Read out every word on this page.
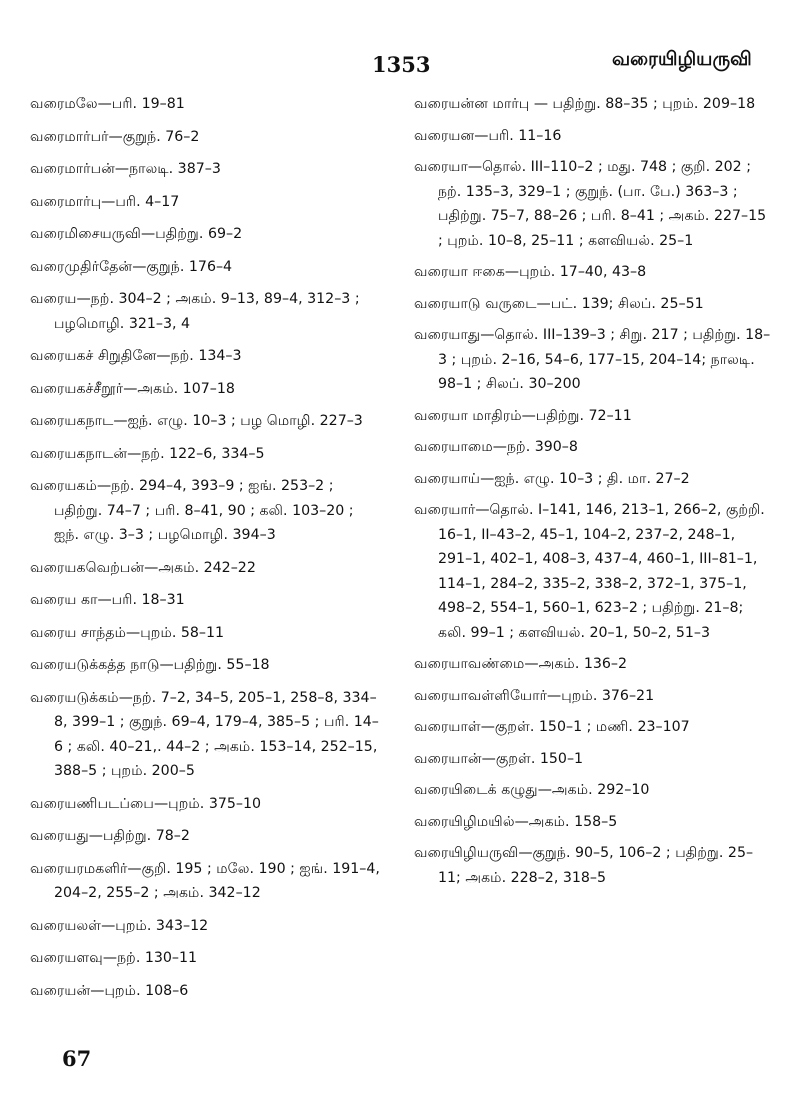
1353	வரையிழியருவி
வரைமலே—பரி. 19–81
வரைமார்பர்—குறுந். 76–2
வரைமார்பன்—நாலடி. 387–3
வரைமார்பு—பரி. 4–17
வரைமிசையருவி—பதிற்று. 69–2
வரைமுதிர்தேன்—குறுந். 176–4
வரைய—நற். 304–2 ; அகம். 9–13, 89–4, 312–3 ; பழமொழி. 321–3, 4
வரையகச் சிறுதினே—நற். 134–3
வரையகச்சீறூர்—அகம். 107–18
வரையகநாட—ஐந். எழு. 10–3 ; பழ மொழி. 227–3
வரையகநாடன்—நற். 122–6, 334–5
வரையகம்—நற். 294–4, 393–9 ; ஐங். 253–2 ; பதிற்று. 74–7 ; பரி. 8–41, 90 ; கலி. 103–20 ; ஐந். எழு. 3–3 ; பழமொழி. 394–3
வரையகவெற்பன்—அகம். 242–22
வரைய கா—பரி. 18–31
வரைய சாந்தம்—புறம். 58–11
வரையடுக்கத்த நாடு—பதிற்று. 55–18
வரையடுக்கம்—நற். 7–2, 34–5, 205–1, 258–8, 334–8, 399–1 ; குறுந். 69–4, 179–4, 385–5 ; பரி. 14–6 ; கலி. 40–21,. 44–2 ; அகம். 153–14, 252–15, 388–5 ; புறம். 200–5
வரையணிபடப்பை—புறம். 375–10
வரையது—பதிற்று. 78–2
வரையரமகளிர்—குறி. 195 ; மலே. 190 ; ஐங். 191–4, 204–2, 255–2 ; அகம். 342–12
வரையலள்—புறம். 343–12
வரையளவு—நற். 130–11
வரையன்—புறம். 108–6
வரையன்ன மார்பு — பதிற்று. 88–35 ; புறம். 209–18
வரையன—பரி. 11–16
வரையா—தொல். III–110–2 ; மது. 748 ; குறி. 202 ; நற். 135–3, 329–1 ; குறுந். (பா. பே.) 363–3 ; பதிற்று. 75–7, 88–26 ; பரி. 8–41 ; அகம். 227–15 ; புறம். 10–8, 25–11 ; களவியல். 25–1
வரையா ஈகை—புறம். 17–40, 43–8
வரையாடு வருடை—பட். 139; சிலப். 25–51
வரையாது—தொல். III–139–3 ; சிறு. 217 ; பதிற்று. 18–3 ; புறம். 2–16, 54–6, 177–15, 204–14; நாலடி. 98–1 ; சிலப். 30–200
வரையா மாதிரம்—பதிற்று. 72–11
வரையாமை—நற். 390–8
வரையாய்—ஐந். எழு. 10–3 ; தி. மா. 27–2
வரையார்—தொல். I–141, 146, 213–1, 266–2, குற்றி. 16–1, II–43–2, 45–1, 104–2, 237–2, 248–1, 291–1, 402–1, 408–3, 437–4, 460–1, III–81–1, 114–1, 284–2, 335–2, 338–2, 372–1, 375–1, 498–2, 554–1, 560–1, 623–2 ; பதிற்று. 21–8; கலி. 99–1 ; களவியல். 20–1, 50–2, 51–3
வரையாவண்மை—அகம். 136–2
வரையாவள்ளியோர்—புறம். 376–21
வரையாள்—குறள். 150–1 ; மணி. 23–107
வரையான்—குறள். 150–1
வரையிடைக் கழுது—அகம். 292–10
வரையிழிமயில்—அகம். 158–5
வரையிழியருவி—குறுந். 90–5, 106–2 ; பதிற்று. 25–11; அகம். 228–2, 318–5
67
